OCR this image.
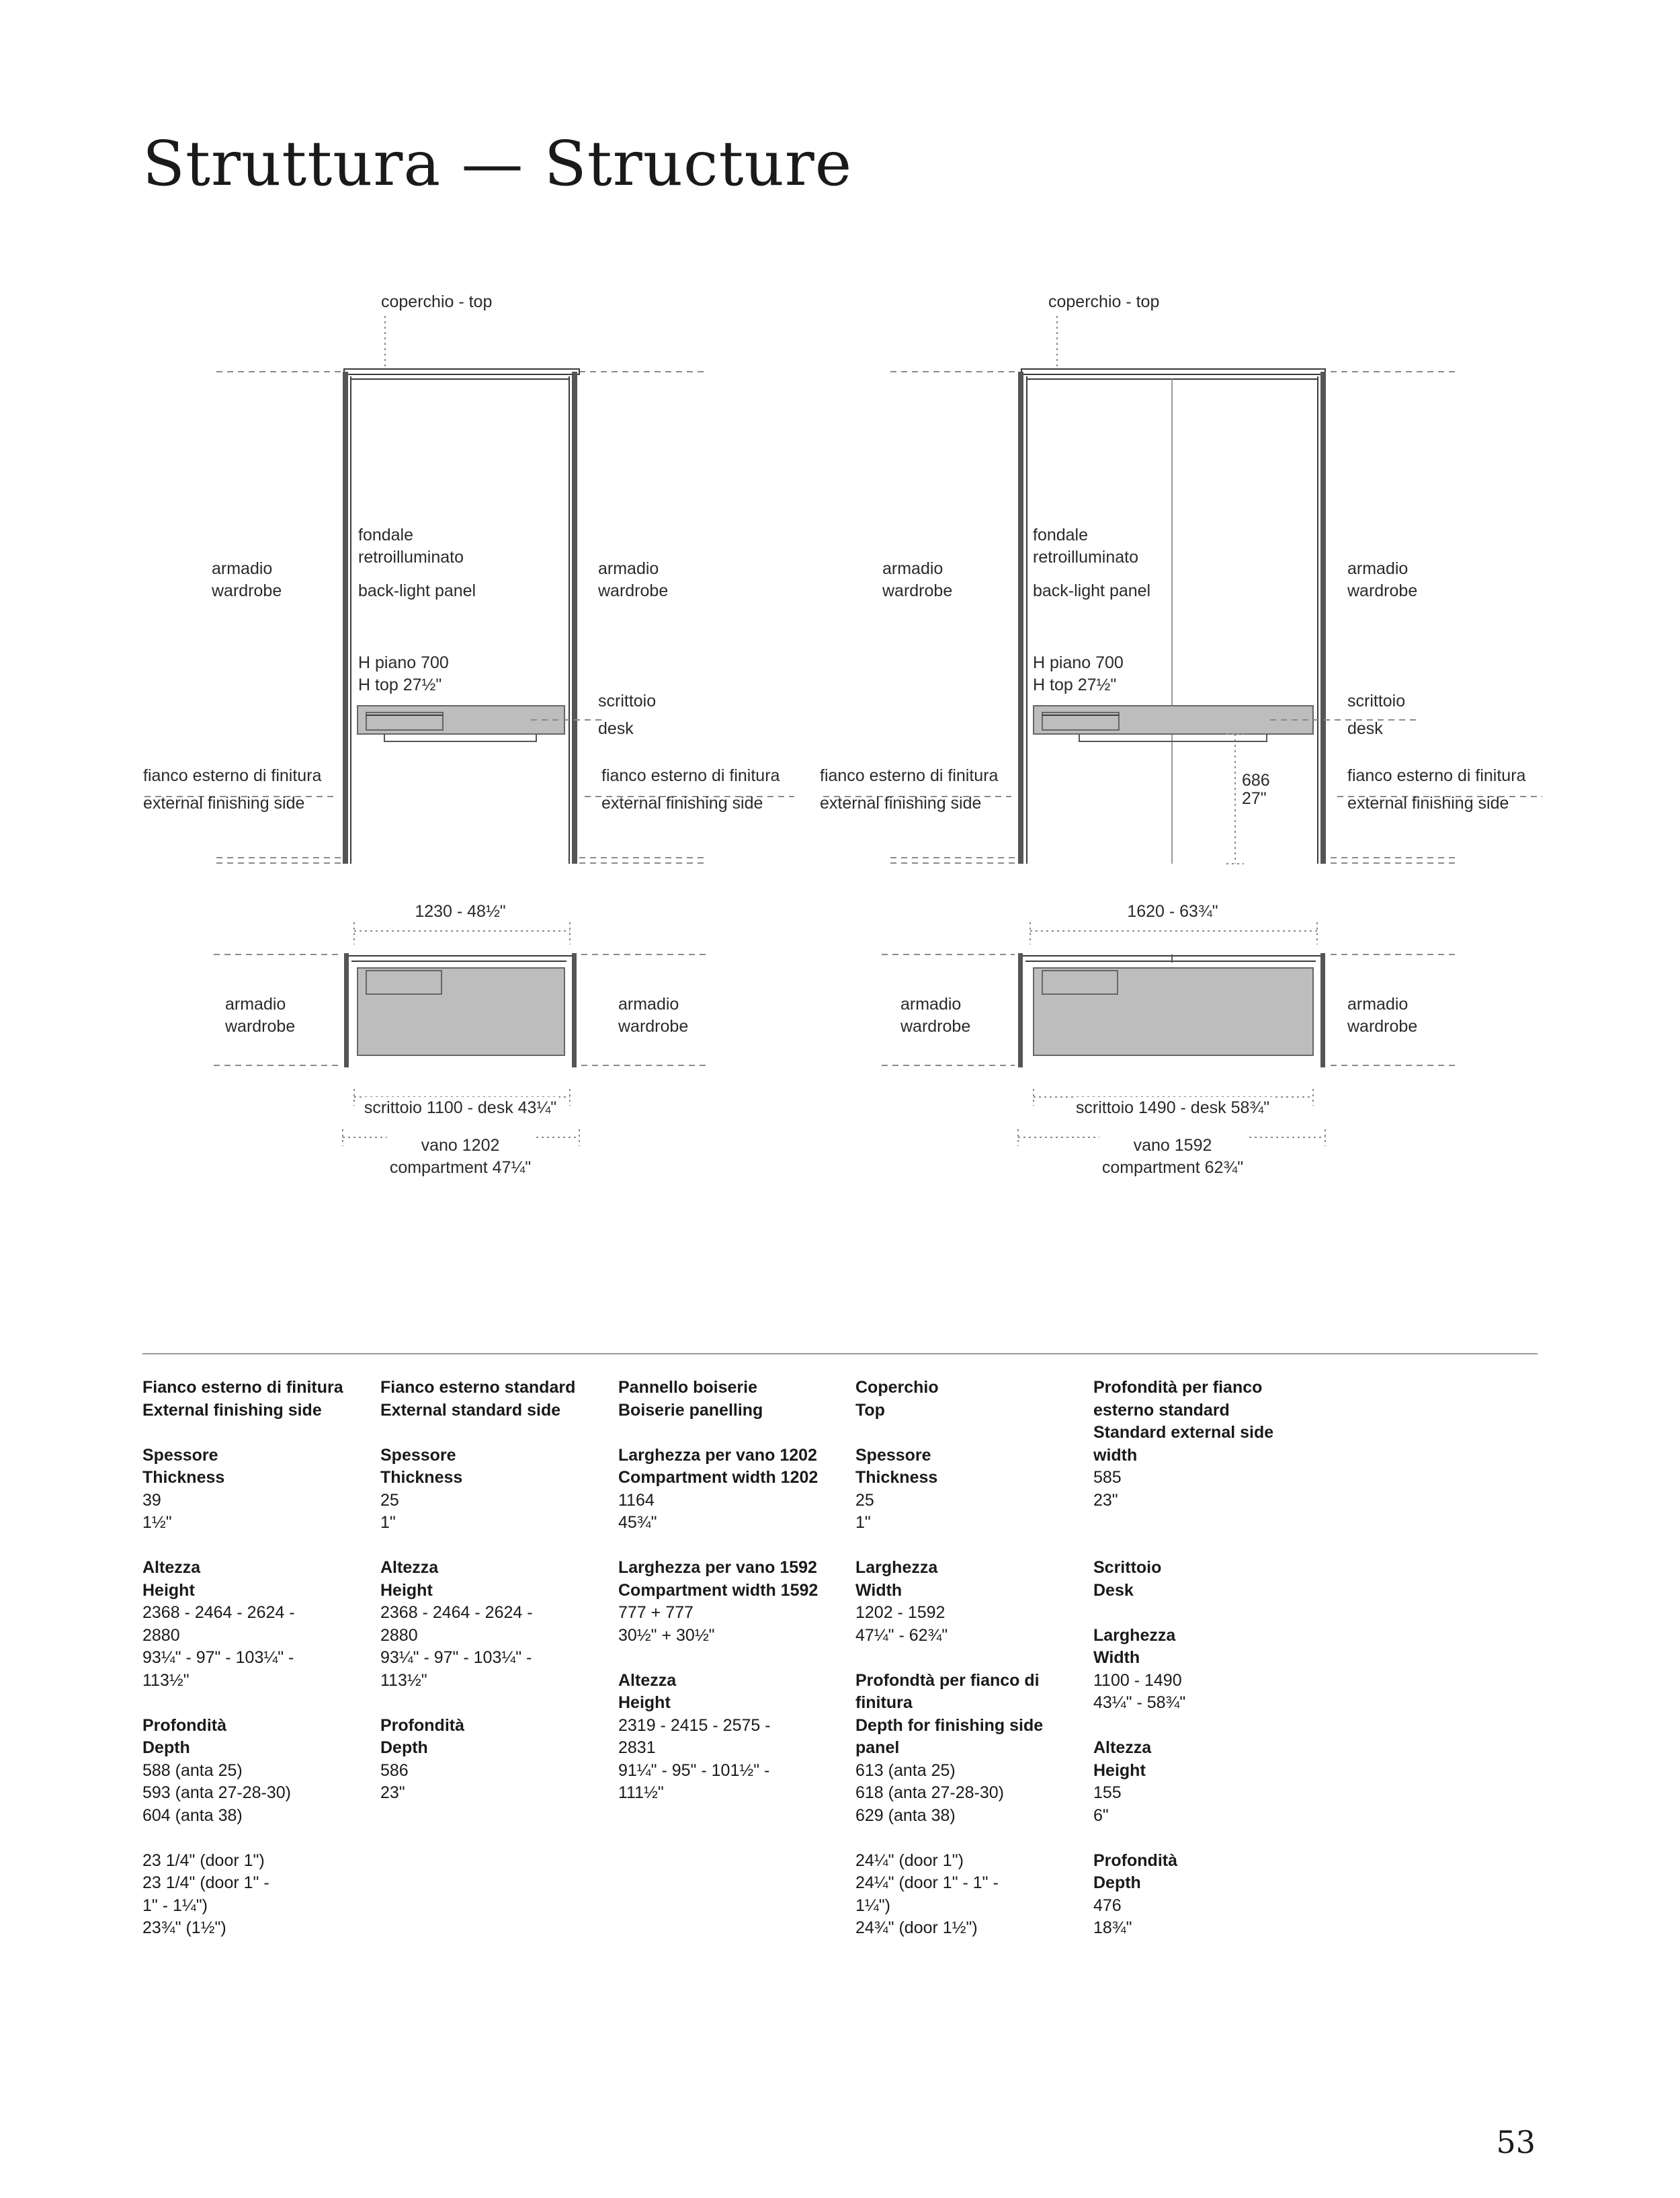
Struttura — Structure
coperchio - top
armadio
wardrobe
armadio
wardrobe
fondale
retroilluminato
back-light panel
H piano 700
H top 27½"
scrittoio
desk
fianco esterno di finitura
external finishing side
fianco esterno di finitura
external finishing side
1230 - 48½"
armadio
wardrobe
armadio
wardrobe
scrittoio 1100 - desk 43¼"
vano 1202
compartment 47¼"
coperchio - top
armadio
wardrobe
armadio
wardrobe
fondale
retroilluminato
back-light panel
H piano 700
H top 27½"
scrittoio
desk
686
27"
fianco esterno di finitura
external finishing side
fianco esterno di finitura
external finishing side
1620 - 63¾"
armadio
wardrobe
armadio
wardrobe
scrittoio 1490 - desk 58¾"
vano 1592
compartment 62¾"
Fianco esterno di finitura
External finishing side
Spessore
Thickness
39
1½"
Altezza
Height
2368 - 2464 - 2624 -
2880
93¼" - 97" - 103¼" -
113½"
Profondità
Depth
588 (anta 25)
593 (anta 27-28-30)
604 (anta 38)
23 1/4" (door 1")
23 1/4" (door 1" -
1" - 1¼")
23¾" (1½")
Fianco esterno standard
External standard side
Spessore
Thickness
25
1"
Altezza
Height
2368 - 2464 - 2624 -
2880
93¼" - 97" - 103¼" -
113½"
Profondità
Depth
586
23"
Pannello boiserie
Boiserie panelling
Larghezza per vano 1202
Compartment width 1202
1164
45¾"
Larghezza per vano 1592
Compartment width 1592
777 + 777
30½" + 30½"
Altezza
Height
2319 - 2415 - 2575 -
2831
91¼" - 95" - 101½" -
111½"
Coperchio
Top
Spessore
Thickness
25
1"
Larghezza
Width
1202 - 1592
47¼" - 62¾"
Profondtà per fianco di
finitura
Depth for finishing side
panel
613 (anta 25)
618 (anta 27-28-30)
629 (anta 38)
24¼" (door 1")
24¼" (door 1" - 1" -
1¼")
24¾" (door 1½")
Profondità per fianco
esterno standard
Standard external side
width
585
23"
Scrittoio
Desk
Larghezza
Width
1100 - 1490
43¼" - 58¾"
Altezza
Height
155
6"
Profondità
Depth
476
18¾"
53
